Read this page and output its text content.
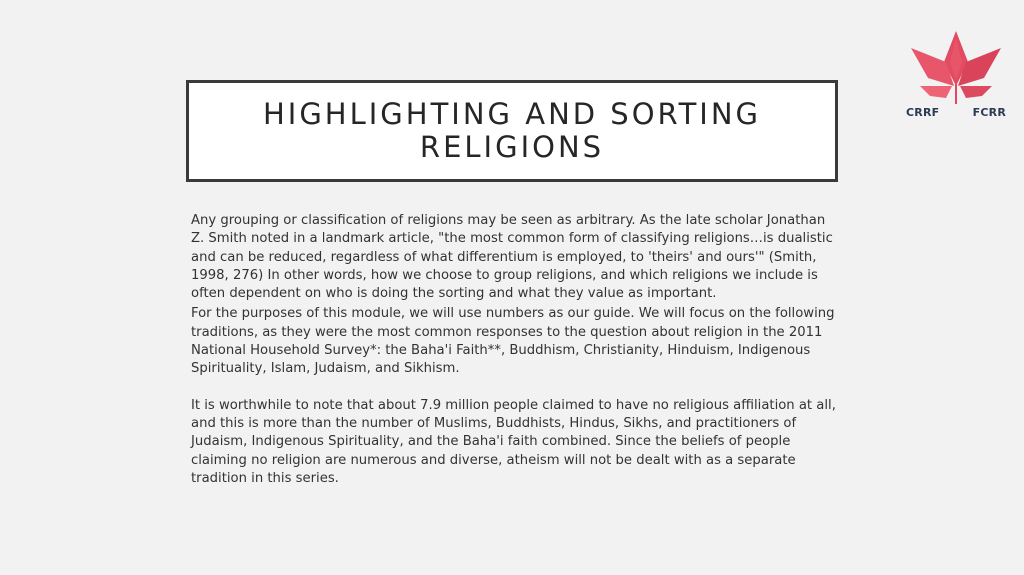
CRRF	FCRR
HIGHLIGHTING AND SORTING RELIGIONS

Any grouping or classification of religions may be seen as arbitrary. As the late scholar Jonathan Z. Smith noted in a landmark article, "the most common form of classifying religions…is dualistic and can be reduced, regardless of what differentium is employed, to 'theirs' and ours'" (Smith, 1998, 276) In other words, how we choose to group religions, and which religions we include is often dependent on who is doing the sorting and what they value as important.

For the purposes of this module, we will use numbers as our guide. We will focus on the following traditions, as they were the most common responses to the question about religion in the 2011 National Household Survey*: the Baha'i Faith**, Buddhism, Christianity, Hinduism, Indigenous Spirituality, Islam, Judaism, and Sikhism.

It is worthwhile to note that about 7.9 million people claimed to have no religious affiliation at all, and this is more than the number of Muslims, Buddhists, Hindus, Sikhs, and practitioners of Judaism, Indigenous Spirituality, and the Baha'i faith combined. Since the beliefs of people claiming no religion are numerous and diverse, atheism will not be dealt with as a separate tradition in this series.
